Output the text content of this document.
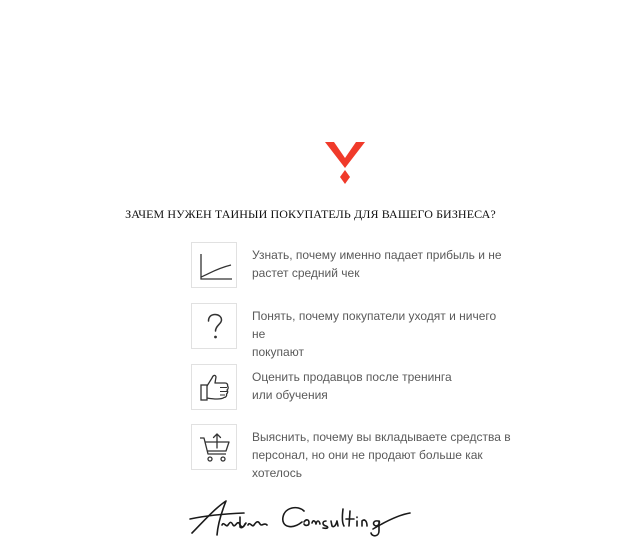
ЗАЧЕМ НУЖЕН ТАИНЫИ ПОКУПАТЕЛЬ ДЛЯ ВАШЕГО БИЗНЕСА?
Узнать, почему именно падает прибыль и не
растет средний чек
Понять, почему покупатели уходят и ничего не
покупают
Оценить продавцов после тренинга
или обучения
Выяснить, почему вы вкладываете средства в
персонал, но они не продают больше как
хотелось
